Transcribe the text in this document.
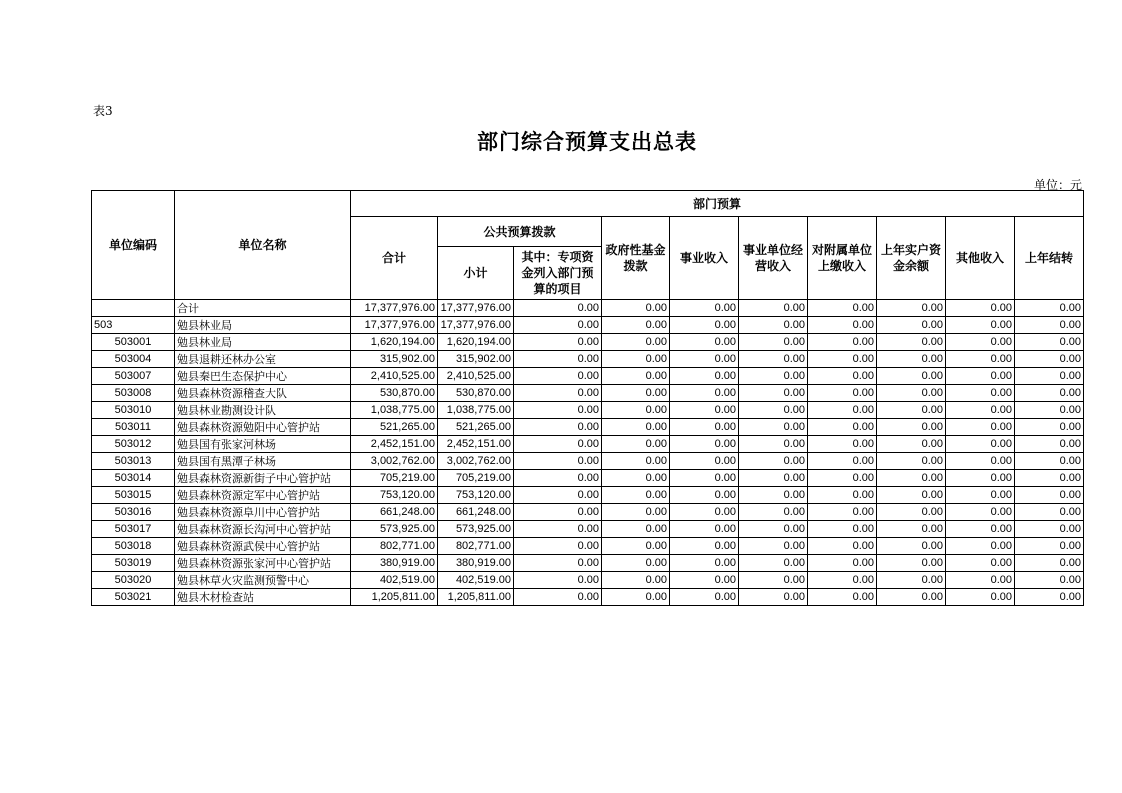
表3
部门综合预算支出总表
单位：元
单位编码	单位名称	部门预算									
		合计	公共预算拨款		政府性基金拨款	事业收入	事业单位经营收入	对附属单位上缴收入	上年实户资金余额	其他收入	上年结转
			小计	其中：专项资金列入部门预算的项目							
	合计	17,377,976.00	17,377,976.00	0.00	0.00	0.00	0.00	0.00	0.00	0.00	0.00
503	勉县林业局	17,377,976.00	17,377,976.00	0.00	0.00	0.00	0.00	0.00	0.00	0.00	0.00
503001	勉县林业局	1,620,194.00	1,620,194.00	0.00	0.00	0.00	0.00	0.00	0.00	0.00	0.00
503004	勉县退耕还林办公室	315,902.00	315,902.00	0.00	0.00	0.00	0.00	0.00	0.00	0.00	0.00
503007	勉县秦巴生态保护中心	2,410,525.00	2,410,525.00	0.00	0.00	0.00	0.00	0.00	0.00	0.00	0.00
503008	勉县森林资源稽查大队	530,870.00	530,870.00	0.00	0.00	0.00	0.00	0.00	0.00	0.00	0.00
503010	勉县林业勘测设计队	1,038,775.00	1,038,775.00	0.00	0.00	0.00	0.00	0.00	0.00	0.00	0.00
503011	勉县森林资源勉阳中心管护站	521,265.00	521,265.00	0.00	0.00	0.00	0.00	0.00	0.00	0.00	0.00
503012	勉县国有张家河林场	2,452,151.00	2,452,151.00	0.00	0.00	0.00	0.00	0.00	0.00	0.00	0.00
503013	勉县国有黑潭子林场	3,002,762.00	3,002,762.00	0.00	0.00	0.00	0.00	0.00	0.00	0.00	0.00
503014	勉县森林资源新街子中心管护站	705,219.00	705,219.00	0.00	0.00	0.00	0.00	0.00	0.00	0.00	0.00
503015	勉县森林资源定军中心管护站	753,120.00	753,120.00	0.00	0.00	0.00	0.00	0.00	0.00	0.00	0.00
503016	勉县森林资源阜川中心管护站	661,248.00	661,248.00	0.00	0.00	0.00	0.00	0.00	0.00	0.00	0.00
503017	勉县森林资源长沟河中心管护站	573,925.00	573,925.00	0.00	0.00	0.00	0.00	0.00	0.00	0.00	0.00
503018	勉县森林资源武侯中心管护站	802,771.00	802,771.00	0.00	0.00	0.00	0.00	0.00	0.00	0.00	0.00
503019	勉县森林资源张家河中心管护站	380,919.00	380,919.00	0.00	0.00	0.00	0.00	0.00	0.00	0.00	0.00
503020	勉县林草火灾监测预警中心	402,519.00	402,519.00	0.00	0.00	0.00	0.00	0.00	0.00	0.00	0.00
503021	勉县木材检查站	1,205,811.00	1,205,811.00	0.00	0.00	0.00	0.00	0.00	0.00	0.00	0.00
